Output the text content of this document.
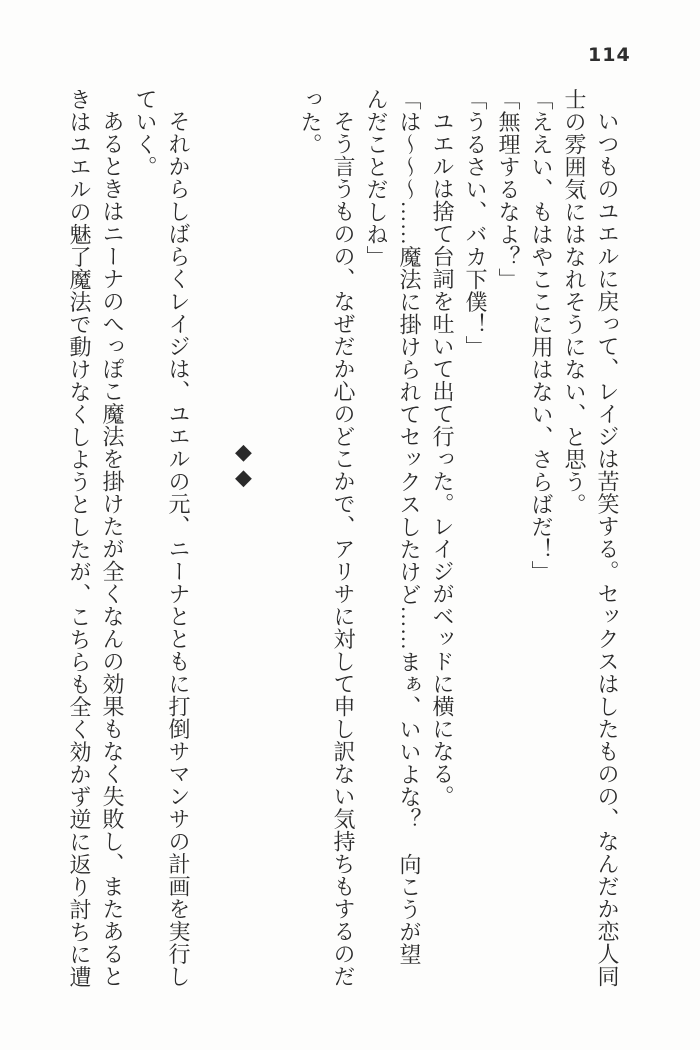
114

いつものユエルに戻って、レイジは苦笑する。セックスはしたものの、なんだか恋人同

士の雰囲気にはなれそうにない、と思う。

「ええい、もはやここに用はない、さらばだ！」

「無理するなよ？」

「うるさい、バカ下僕！」

ユエルは捨て台詞を吐いて出て行った。レイジがベッドに横になる。

「は〜〜〜……魔法に掛けられてセックスしたけど……まぁ、いいよな？　向こうが望

んだことだしね」

そう言うものの、なぜだか心のどこかで、アリサに対して申し訳ない気持ちもするのだ

った。

◆◆

それからしばらくレイジは、ユエルの元、ニーナとともに打倒サマンサの計画を実行し

ていく。

あるときはニーナのへっぽこ魔法を掛けたが全くなんの効果もなく失敗し、またあると

きはユエルの魅了魔法で動けなくしようとしたが、こちらも全く効かず逆に返り討ちに遭
